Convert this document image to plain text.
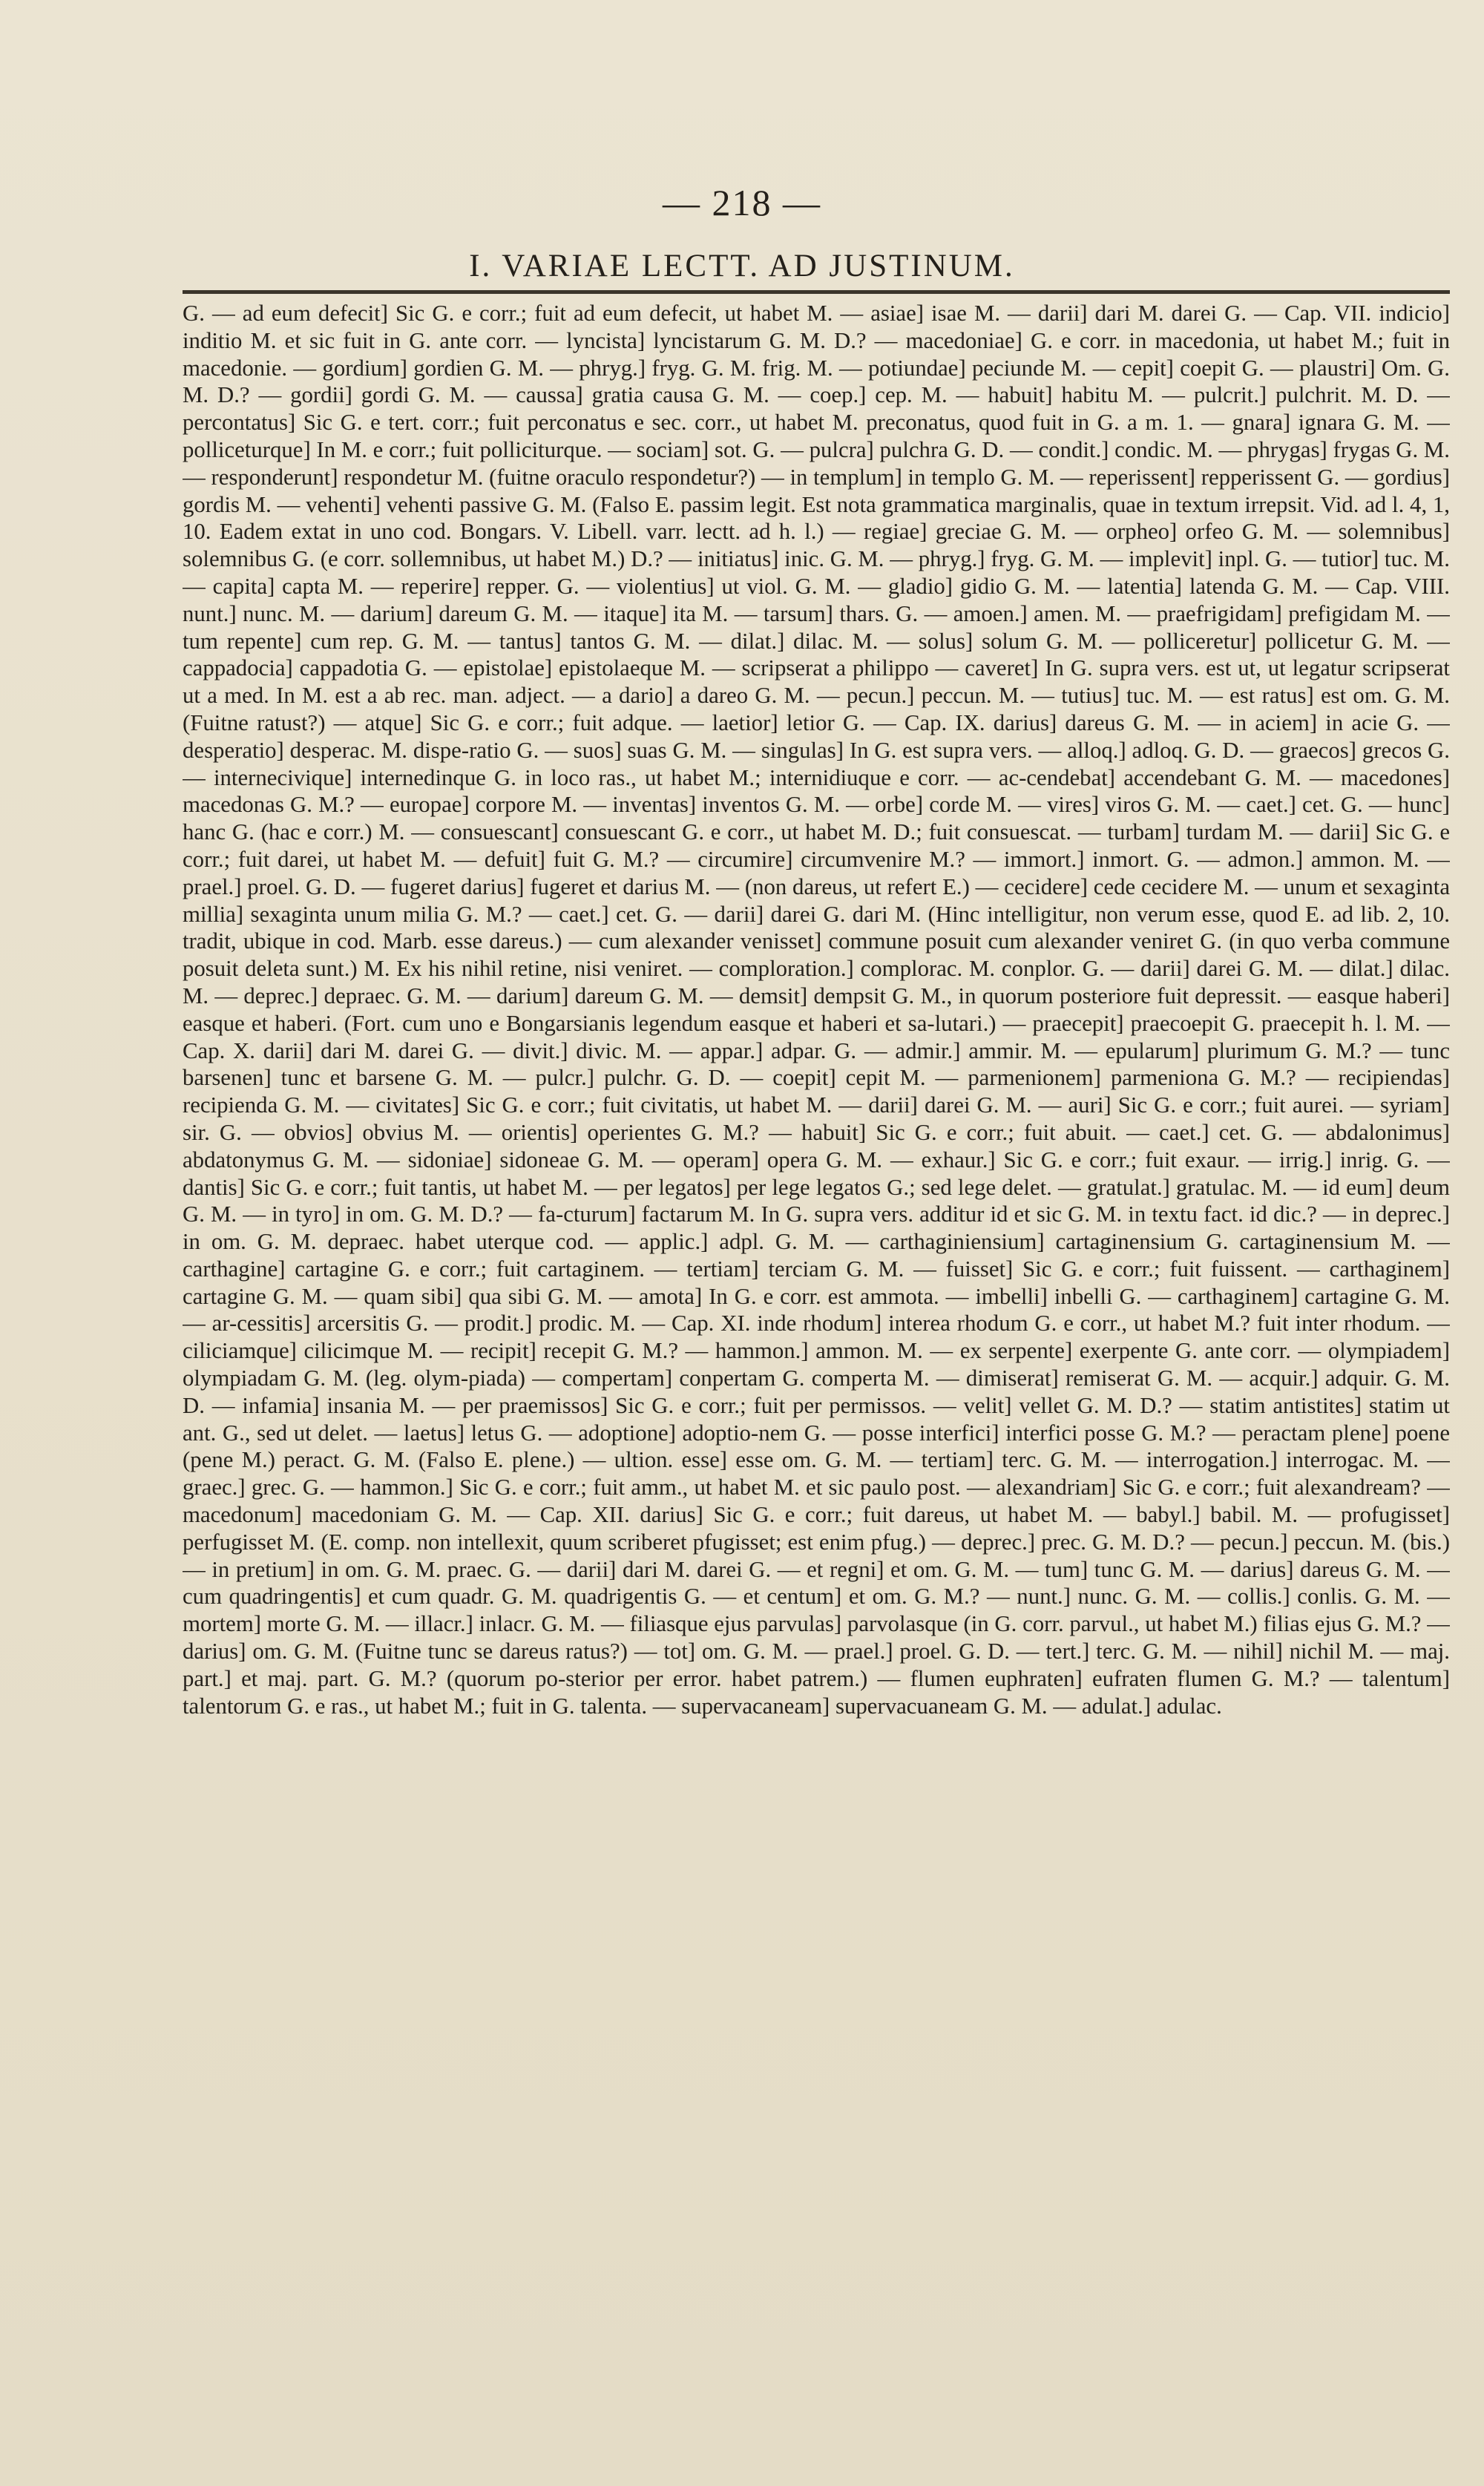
— 218 —
I. VARIAE LECTT. AD JUSTINUM.

G. — ad eum defecit] Sic G. e corr.; fuit ad eum defecit, ut habet M. — asiae] isae M. — darii] dari M. darei G. — Cap. VII. indicio] inditio M. et sic fuit in G. ante corr. — lyncista] lyncistarum G. M. D.? — macedoniae] G. e corr. in macedonia, ut habet M.; fuit in macedonie. — gordium] gordien G. M. — phryg.] fryg. G. M. frig. M. — potiundae] peciunde M. — cepit] coepit G. — plaustri] Om. G. M. D.? — gordii] gordi G. M. — caussa] gratia causa G. M. — coep.] cep. M. — habuit] habitu M. — pulcrit.] pulchrit. M. D. — percontatus] Sic G. e tert. corr.; fuit perconatus e sec. corr., ut habet M. preconatus, quod fuit in G. a m. 1. — gnara] ignara G. M. — polliceturque] In M. e corr.; fuit polliciturque. — sociam] sot. G. — pulcra] pulchra G. D. — condit.] condic. M. — phrygas] frygas G. M. — responderunt] respondetur M. (fuitne oraculo respondetur?) — in templum] in templo G. M. — reperissent] repperissent G. — gordius] gordis M. — vehenti] vehenti passive G. M. (Falso E. passim legit. Est nota grammatica marginalis, quae in textum irrepsit. Vid. ad l. 4, 1, 10. Eadem extat in uno cod. Bongars. V. Libell. varr. lectt. ad h. l.) — regiae] greciae G. M. — orpheo] orfeo G. M. — solemnibus] solemnibus G. (e corr. sollemnibus, ut habet M.) D.? — initiatus] inic. G. M. — phryg.] fryg. G. M. — implevit] inpl. G. — tutior] tuc. M. — capita] capta M. — reperire] repper. G. — violentius] ut viol. G. M. — gladio] gidio G. M. — latentia] latenda G. M. — Cap. VIII. nunt.] nunc. M. — darium] dareum G. M. — itaque] ita M. — tarsum] thars. G. — amoen.] amen. M. — praefrigidam] prefigidam M. — tum repente] cum rep. G. M. — tantus] tantos G. M. — dilat.] dilac. M. — solus] solum G. M. — polliceretur] pollicetur G. M. — cappadocia] cappadotia G. — epistolae] epistolaeque M. — scripserat a philippo — caveret] In G. supra vers. est ut, ut legatur scripserat ut a med. In M. est a ab rec. man. adject. — a dario] a dareo G. M. — pecun.] peccun. M. — tutius] tuc. M. — est ratus] est om. G. M. (Fuitne ratust?) — atque] Sic G. e corr.; fuit adque. — laetior] letior G. — Cap. IX. darius] dareus G. M. — in aciem] in acie G. — desperatio] desperac. M. dispe-ratio G. — suos] suas G. M. — singulas] In G. est supra vers. — alloq.] adloq. G. D. — graecos] grecos G. — internecivique] internedinque G. in loco ras., ut habet M.; internidiuque e corr. — ac-cendebat] accendebant G. M. — macedones] macedonas G. M.? — europae] corpore M. — inventas] inventos G. M. — orbe] corde M. — vires] viros G. M. — caet.] cet. G. — hunc] hanc G. (hac e corr.) M. — consuescant] consuescant G. e corr., ut habet M. D.; fuit consuescat. — turbam] turdam M. — darii] Sic G. e corr.; fuit darei, ut habet M. — defuit] fuit G. M.? — circumire] circumvenire M.? — immort.] inmort. G. — admon.] ammon. M. — prael.] proel. G. D. — fugeret darius] fugeret et darius M. — (non dareus, ut refert E.) — cecidere] cede cecidere M. — unum et sexaginta millia] sexaginta unum milia G. M.? — caet.] cet. G. — darii] darei G. dari M. (Hinc intelligitur, non verum esse, quod E. ad lib. 2, 10. tradit, ubique in cod. Marb. esse dareus.) — cum alexander venisset] commune posuit cum alexander veniret G. (in quo verba commune posuit deleta sunt.) M. Ex his nihil retine, nisi veniret. — comploration.] complorac. M. conplor. G. — darii] darei G. M. — dilat.] dilac. M. — deprec.] depraec. G. M. — darium] dareum G. M. — demsit] dempsit G. M., in quorum posteriore fuit depressit. — easque haberi] easque et haberi. (Fort. cum uno e Bongarsianis legendum easque et haberi et sa-lutari.) — praecepit] praecoepit G. praecepit h. l. M. — Cap. X. darii] dari M. darei G. — divit.] divic. M. — appar.] adpar. G. — admir.] ammir. M. — epularum] plurimum G. M.? — tunc barsenen] tunc et barsene G. M. — pulcr.] pulchr. G. D. — coepit] cepit M. — parmenionem] parmeniona G. M.? — recipiendas] recipienda G. M. — civitates] Sic G. e corr.; fuit civitatis, ut habet M. — darii] darei G. M. — auri] Sic G. e corr.; fuit aurei. — syriam] sir. G. — obvios] obvius M. — orientis] operientes G. M.? — habuit] Sic G. e corr.; fuit abuit. — caet.] cet. G. — abdalonimus] abdatonymus G. M. — sidoniae] sidoneae G. M. — operam] opera G. M. — exhaur.] Sic G. e corr.; fuit exaur. — irrig.] inrig. G. — dantis] Sic G. e corr.; fuit tantis, ut habet M. — per legatos] per lege legatos G.; sed lege delet. — gratulat.] gratulac. M. — id eum] deum G. M. — in tyro] in om. G. M. D.? — fa-cturum] factarum M. In G. supra vers. additur id et sic G. M. in textu fact. id dic.? — in deprec.] in om. G. M. depraec. habet uterque cod. — applic.] adpl. G. M. — carthaginiensium] cartaginensium G. cartaginensium M. — carthagine] cartagine G. e corr.; fuit cartaginem. — tertiam] terciam G. M. — fuisset] Sic G. e corr.; fuit fuissent. — carthaginem] cartagine G. M. — quam sibi] qua sibi G. M. — amota] In G. e corr. est ammota. — imbelli] inbelli G. — carthaginem] cartagine G. M. — ar-cessitis] arcersitis G. — prodit.] prodic. M. — Cap. XI. inde rhodum] interea rhodum G. e corr., ut habet M.? fuit inter rhodum. — ciliciamque] cilicimque M. — recipit] recepit G. M.? — hammon.] ammon. M. — ex serpente] exerpente G. ante corr. — olympiadem] olympiadam G. M. (leg. olym-piada) — compertam] conpertam G. comperta M. — dimiserat] remiserat G. M. — acquir.] adquir. G. M. D. — infamia] insania M. — per praemissos] Sic G. e corr.; fuit per permissos. — velit] vellet G. M. D.? — statim antistites] statim ut ant. G., sed ut delet. — laetus] letus G. — adoptione] adoptio-nem G. — posse interfici] interfici posse G. M.? — peractam plene] poene (pene M.) peract. G. M. (Falso E. plene.) — ultion. esse] esse om. G. M. — tertiam] terc. G. M. — interrogation.] interrogac. M. — graec.] grec. G. — hammon.] Sic G. e corr.; fuit amm., ut habet M. et sic paulo post. — alexandriam] Sic G. e corr.; fuit alexandream? — macedonum] macedoniam G. M. — Cap. XII. darius] Sic G. e corr.; fuit dareus, ut habet M. — babyl.] babil. M. — profugisset] perfugisset M. (E. comp. non intellexit, quum scriberet pfugisset; est enim pfug.) — deprec.] prec. G. M. D.? — pecun.] peccun. M. (bis.) — in pretium] in om. G. M. praec. G. — darii] dari M. darei G. — et regni] et om. G. M. — tum] tunc G. M. — darius] dareus G. M. — cum quadringentis] et cum quadr. G. M. quadrigentis G. — et centum] et om. G. M.? — nunt.] nunc. G. M. — collis.] conlis. G. M. — mortem] morte G. M. — illacr.] inlacr. G. M. — filiasque ejus parvulas] parvolasque (in G. corr. parvul., ut habet M.) filias ejus G. M.? — darius] om. G. M. (Fuitne tunc se dareus ratus?) — tot] om. G. M. — prael.] proel. G. D. — tert.] terc. G. M. — nihil] nichil M. — maj. part.] et maj. part. G. M.? (quorum po-sterior per error. habet patrem.) — flumen euphraten] eufraten flumen G. M.? — talentum] talentorum G. e ras., ut habet M.; fuit in G. talenta. — supervacaneam] supervacuaneam G. M. — adulat.] adulac.
